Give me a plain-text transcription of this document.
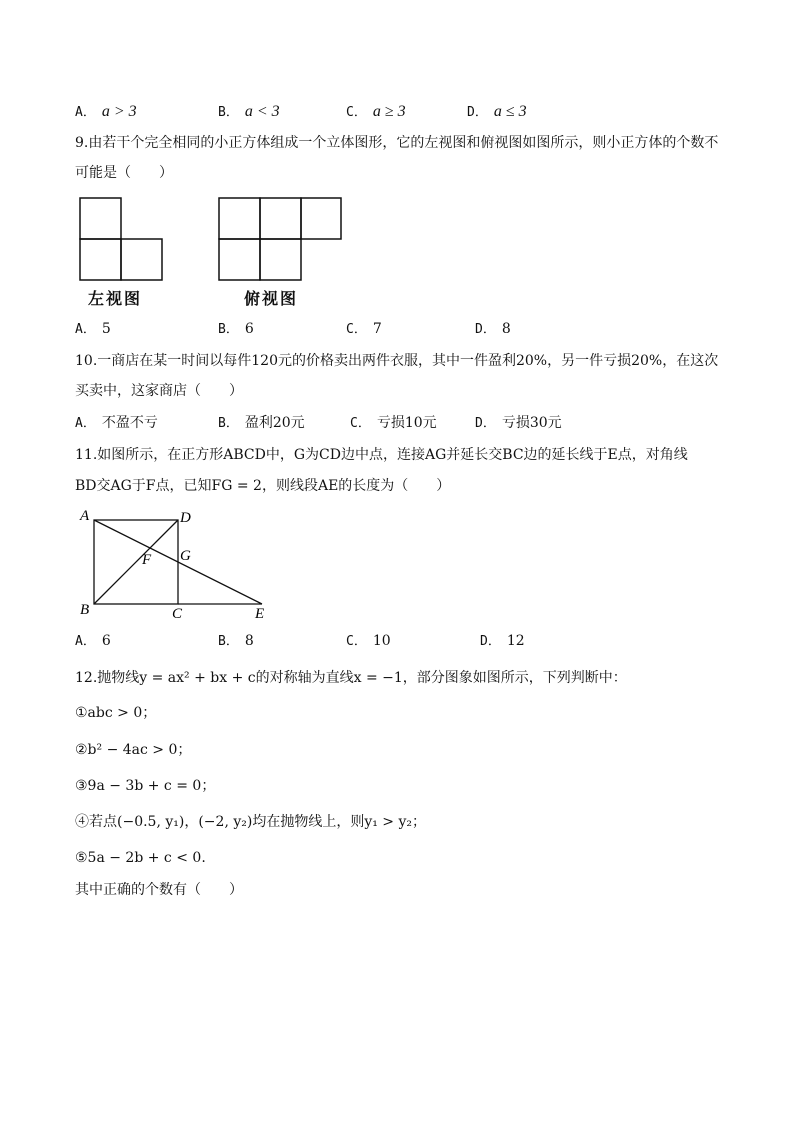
A． a > 3	B． a < 3	C． a ≥ 3	D． a ≤ 3
9.由若干个完全相同的小正方体组成一个立体图形，它的左视图和俯视图如图所示，则小正方体的个数不
可能是（　　）
左视图	俯视图
A． 5	B． 6	C． 7	D． 8
10.一商店在某一时间以每件120元的价格卖出两件衣服，其中一件盈利20%，另一件亏损20%，在这次
买卖中，这家商店（　　）
A． 不盈不亏	B． 盈利20元	C． 亏损10元	D． 亏损30元
11.如图所示，在正方形ABCD中，G为CD边中点，连接AG并延长交BC边的延长线于E点，对角线
BD交AG于F点，已知FG = 2，则线段AE的长度为（　　）
A	D
F G
B	C	E
A． 6	B． 8	C． 10	D． 12
12.抛物线y = ax² + bx + c的对称轴为直线x = −1，部分图象如图所示，下列判断中：
①abc > 0；
②b² − 4ac > 0；
③9a − 3b + c = 0；
④若点(−0.5, y₁)，(−2, y₂)均在抛物线上，则y₁ > y₂；
⑤5a − 2b + c < 0.
其中正确的个数有（　　）
